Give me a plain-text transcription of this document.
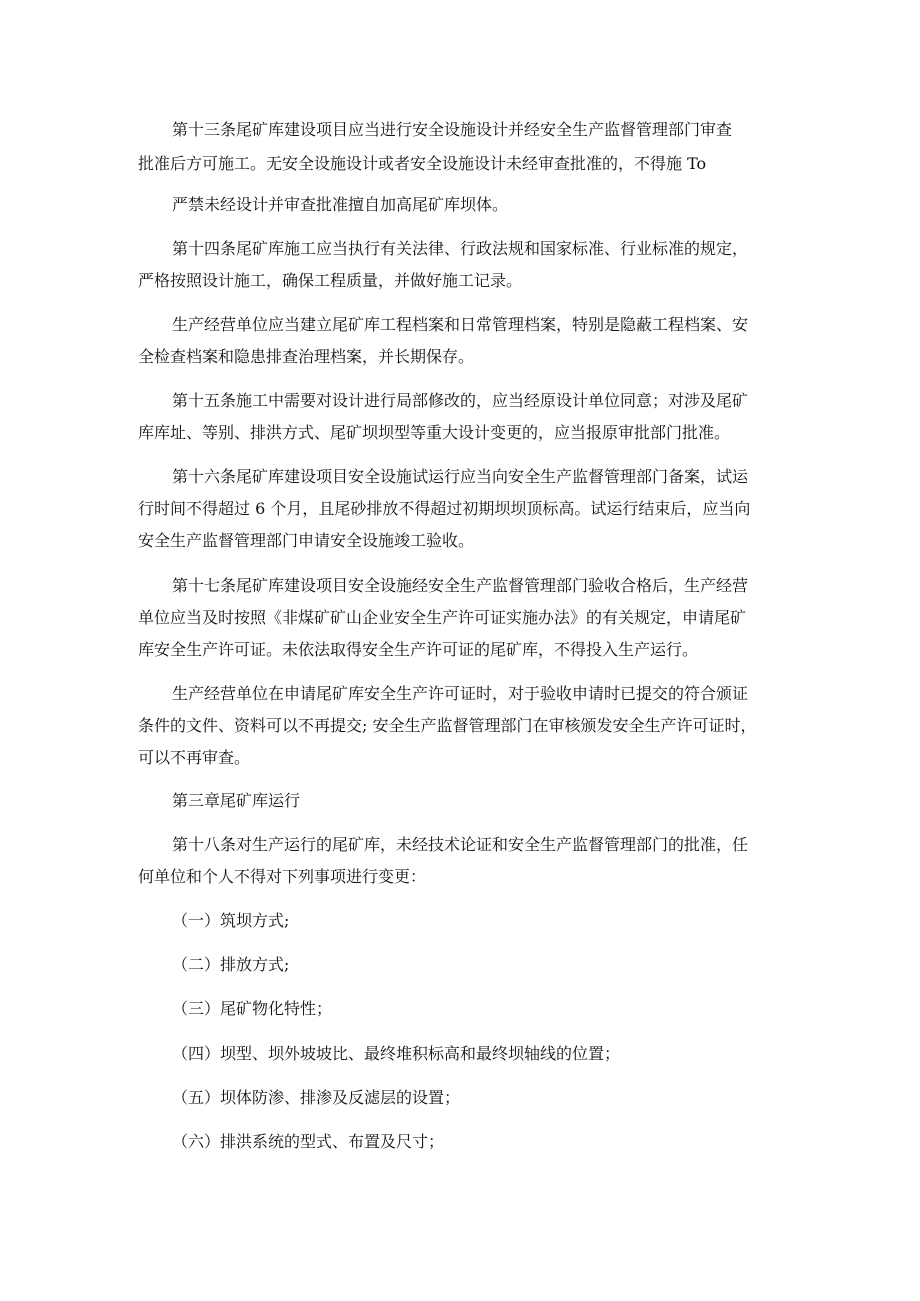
第十三条尾矿库建设项目应当进行安全设施设计并经安全生产监督管理部门审查
批准后方可施工。无安全设施设计或者安全设施设计未经审查批准的，不得施 To
严禁未经设计并审查批准擅自加高尾矿库坝体。
第十四条尾矿库施工应当执行有关法律、行政法规和国家标准、行业标准的规定，
严格按照设计施工，确保工程质量，并做好施工记录。
生产经营单位应当建立尾矿库工程档案和日常管理档案，特别是隐蔽工程档案、安
全检查档案和隐患排查治理档案，并长期保存。
第十五条施工中需要对设计进行局部修改的，应当经原设计单位同意；对涉及尾矿
库库址、等别、排洪方式、尾矿坝坝型等重大设计变更的，应当报原审批部门批准。
第十六条尾矿库建设项目安全设施试运行应当向安全生产监督管理部门备案，试运
行时间不得超过 6 个月，且尾砂排放不得超过初期坝坝顶标高。试运行结束后，应当向
安全生产监督管理部门申请安全设施竣工验收。
第十七条尾矿库建设项目安全设施经安全生产监督管理部门验收合格后，生产经营
单位应当及时按照《非煤矿矿山企业安全生产许可证实施办法》的有关规定，申请尾矿
库安全生产许可证。未依法取得安全生产许可证的尾矿库，不得投入生产运行。
生产经营单位在申请尾矿库安全生产许可证时，对于验收申请时已提交的符合颁证
条件的文件、资料可以不再提交; 安全生产监督管理部门在审核颁发安全生产许可证时，
可以不再审查。
第三章尾矿库运行
第十八条对生产运行的尾矿库，未经技术论证和安全生产监督管理部门的批准，任
何单位和个人不得对下列事项进行变更：
（一）筑坝方式;
（二）排放方式;
（三）尾矿物化特性；
（四）坝型、坝外坡坡比、最终堆积标高和最终坝轴线的位置；
（五）坝体防渗、排渗及反滤层的设置；
（六）排洪系统的型式、布置及尺寸；
